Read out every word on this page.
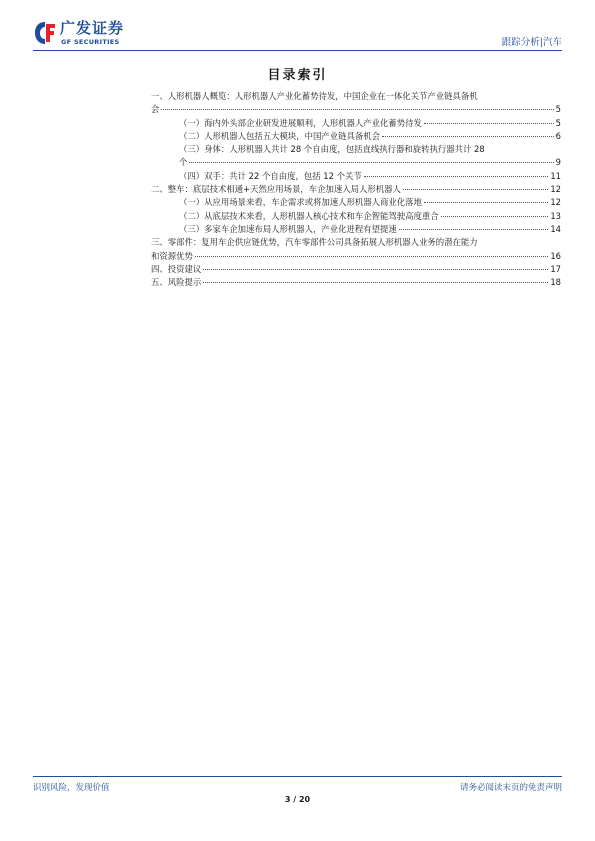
广发证券
GF SECURITIES	跟踪分析|汽车
目录索引
一、人形机器人概览：人形机器人产业化蓄势待发，中国企业在一体化关节产业链具备机
会	5
（一）海内外头部企业研发进展顺利，人形机器人产业化蓄势待发	5
（二）人形机器人包括五大模块，中国产业链具备机会	6
（三）身体：人形机器人共计 28 个自由度，包括直线执行器和旋转执行器共计 28
个	9
（四）双手：共计 22 个自由度，包括 12 个关节	11
二、整车：底层技术相通+天然应用场景，车企加速入局人形机器人	12
（一）从应用场景来看，车企需求或将加速人形机器人商业化落地	12
（二）从底层技术来看，人形机器人核心技术和车企智能驾驶高度重合	13
（三）多家车企加速布局人形机器人，产业化进程有望提速	14
三、零部件：复用车企供应链优势，汽车零部件公司具备拓展人形机器人业务的潜在能力
和资源优势	16
四、投资建议	17
五、风险提示	18
识别风险，发现价值	请务必阅读末页的免责声明
3 / 20
